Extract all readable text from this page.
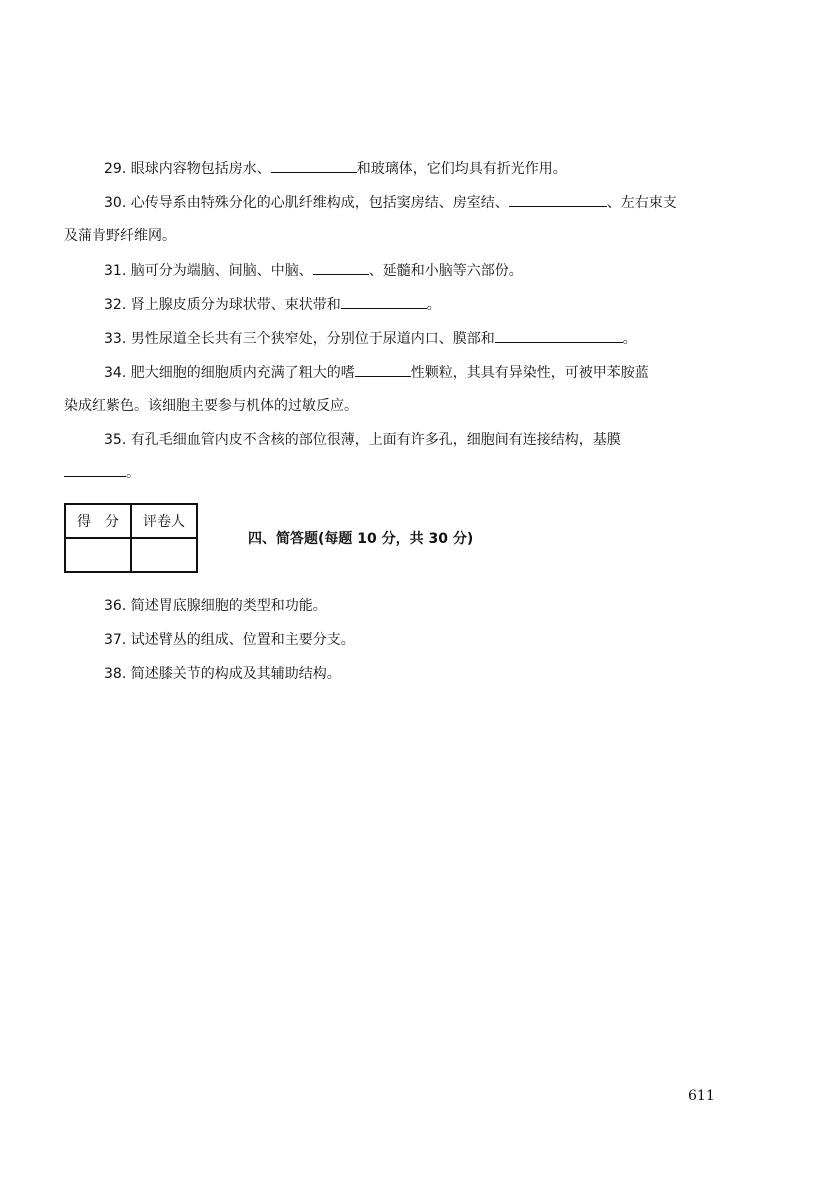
29. 眼球内容物包括房水、	和玻璃体，它们均具有折光作用。
30. 心传导系由特殊分化的心肌纤维构成，包括窦房结、房室结、	、左右束支
及蒲肯野纤维网。
31. 脑可分为端脑、间脑、中脑、	、延髓和小脑等六部份。
32. 肾上腺皮质分为球状带、束状带和	。
33. 男性尿道全长共有三个狭窄处，分别位于尿道内口、膜部和	。
34. 肥大细胞的细胞质内充满了粗大的嗜	性颗粒，其具有异染性，可被甲苯胺蓝
染成红紫色。该细胞主要参与机体的过敏反应。
35. 有孔毛细血管内皮不含核的部位很薄，上面有许多孔，细胞间有连接结构，基膜
。
得　分	评卷人

四、简答题(每题 10 分，共 30 分)
36. 简述胃底腺细胞的类型和功能。
37. 试述臂丛的组成、位置和主要分支。
38. 简述膝关节的构成及其辅助结构。
611
